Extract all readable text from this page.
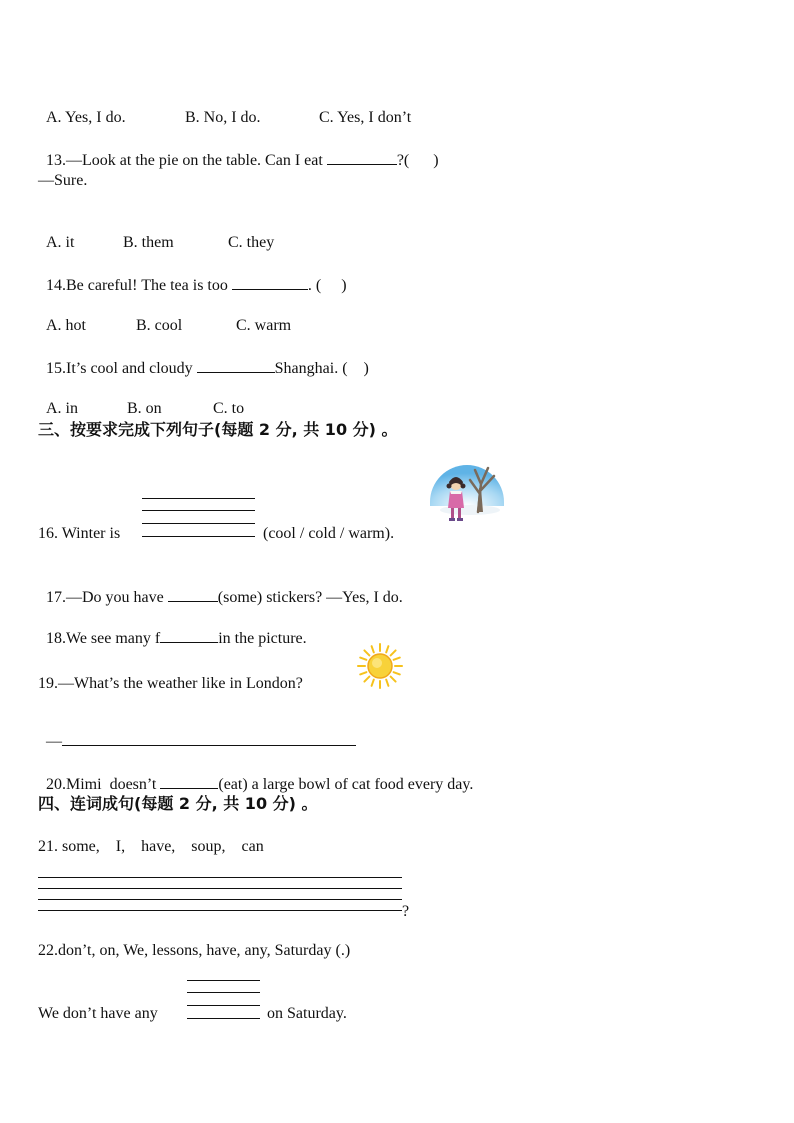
A. Yes, I do.	B. No, I do.	C. Yes, I don’t

13.—Look at the pie on the table. Can I eat	?(      )

—Sure.

A. it	B. them	C. they

14.Be careful! The tea is too	. (     )

A. hot	B. cool	C. warm

15.It’s cool and cloudy	Shanghai. (    )

A. in	B. on	C. to

三、按要求完成下列句子(每题 2 分, 共 10 分) 。
16. Winter is	(cool / cold / warm).

17.—Do you have	(some) stickers? —Yes, I do.

18.We see many f	in the picture.

19.—What’s the weather like in London?

—

20.Mimi  doesn’t	(eat) a large bowl of cat food every day.

四、连词成句(每题 2 分, 共 10 分) 。
21. some,    I,    have,    soup,    can
?
22.don’t, on, We, lessons, have, any, Saturday (.)
We don’t have any	on Saturday.
